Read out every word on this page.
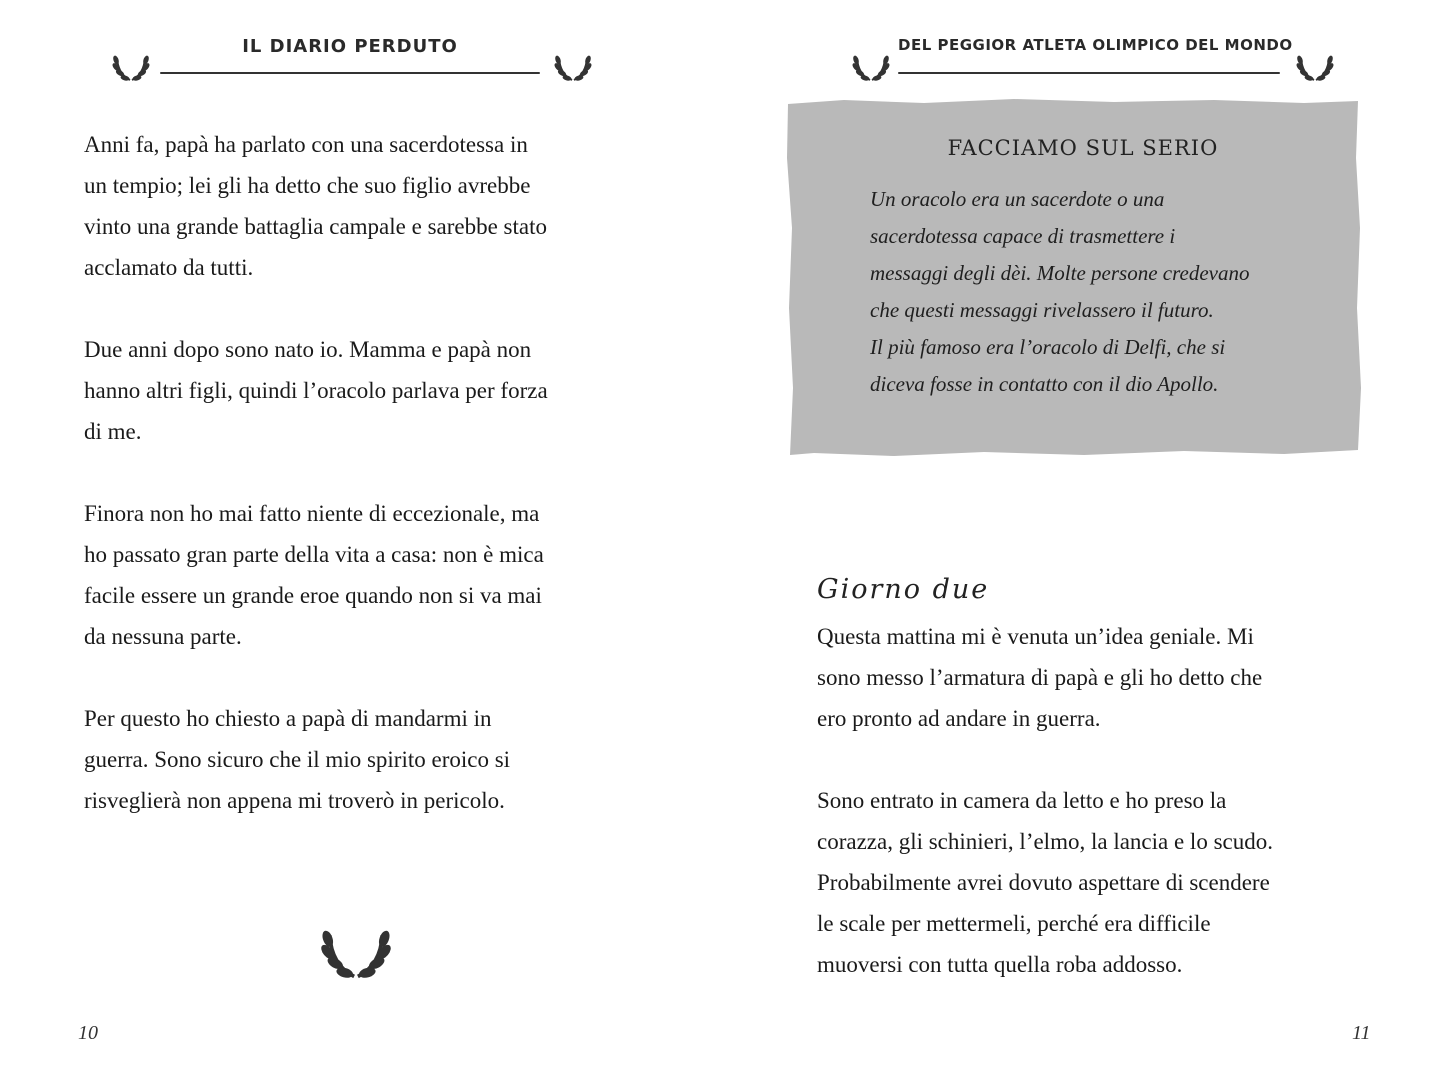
IL DIARIO PERDUTO

Anni fa, papà ha parlato con una sacerdotessa in
un tempio; lei gli ha detto che suo figlio avrebbe
vinto una grande battaglia campale e sarebbe stato
acclamato da tutti.

Due anni dopo sono nato io. Mamma e papà non
hanno altri figli, quindi l’oracolo parlava per forza
di me.

Finora non ho mai fatto niente di eccezionale, ma
ho passato gran parte della vita a casa: non è mica
facile essere un grande eroe quando non si va mai
da nessuna parte.

Per questo ho chiesto a papà di mandarmi in
guerra. Sono sicuro che il mio spirito eroico si
risveglierà non appena mi troverò in pericolo.

10
DEL PEGGIOR ATLETA OLIMPICO DEL MONDO
FACCIAMO SUL SERIO
Un oracolo era un sacerdote o una
sacerdotessa capace di trasmettere i
messaggi degli dèi. Molte persone credevano
che questi messaggi rivelassero il futuro.
Il più famoso era l’oracolo di Delfi, che si
diceva fosse in contatto con il dio Apollo.
Giorno due

Questa mattina mi è venuta un’idea geniale. Mi
sono messo l’armatura di papà e gli ho detto che
ero pronto ad andare in guerra.

Sono entrato in camera da letto e ho preso la
corazza, gli schinieri, l’elmo, la lancia e lo scudo.
Probabilmente avrei dovuto aspettare di scendere
le scale per mettermeli, perché era difficile
muoversi con tutta quella roba addosso.

11
